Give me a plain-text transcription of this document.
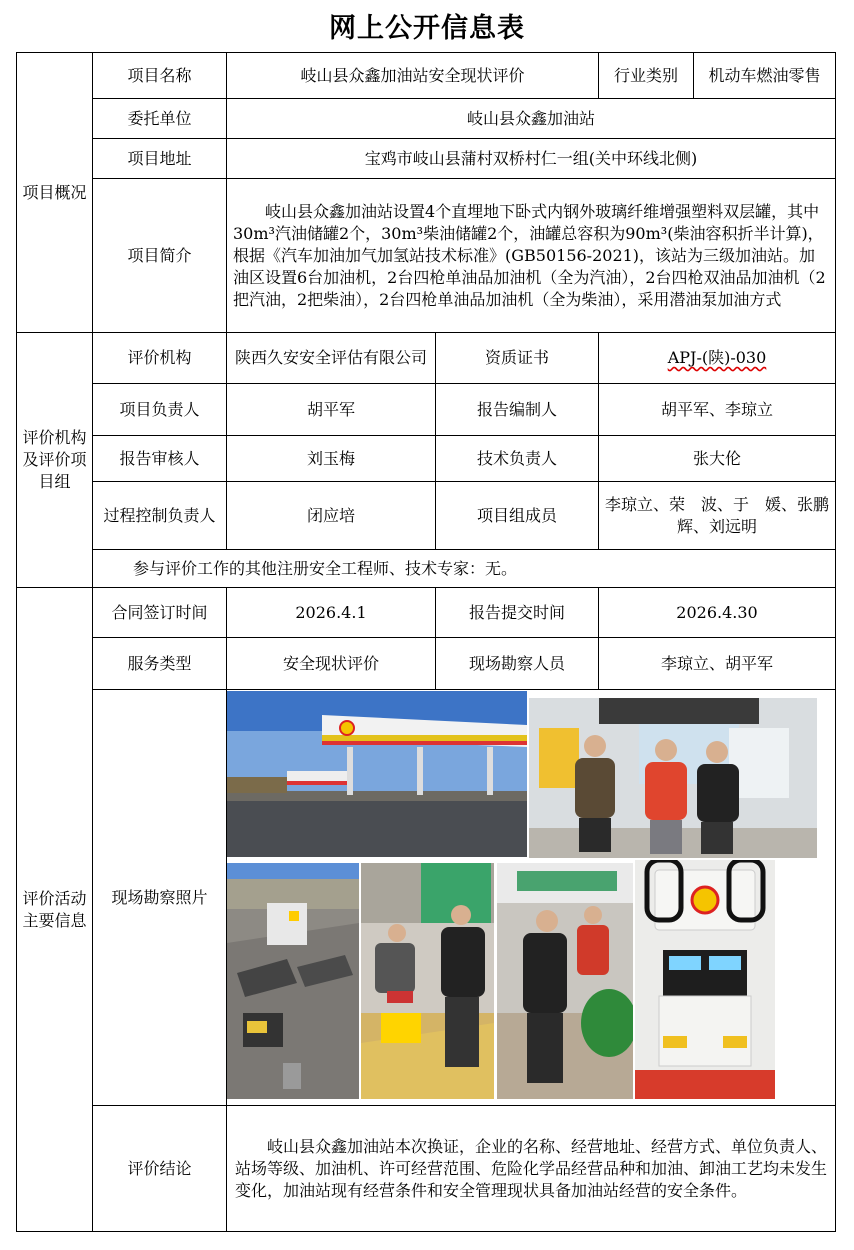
网上公开信息表
项目概况	项目名称	岐山县众鑫加油站安全现状评价		行业类别	机动车燃油零售
	委托单位	岐山县众鑫加油站			
	项目地址	宝鸡市岐山县蒲村双桥村仁一组(关中环线北侧)			
	项目简介	岐山县众鑫加油站设置4个直埋地下卧式内钢外玻璃纤维增强塑料双层罐，其中30m³汽油储罐2个，30m³柴油储罐2个，油罐总容积为90m³(柴油容积折半计算)，根据《汽车加油加气加氢站技术标准》(GB50156-2021)，该站为三级加油站。加油区设置6台加油机，2台四枪单油品加油机（全为汽油），2台四枪双油品加油机（2把汽油，2把柴油），2台四枪单油品加油机（全为柴油），采用潜油泵加油方式			
评价机构及评价项目组	评价机构	陕西久安安全评估有限公司	资质证书	APJ-(陕)-030	
	项目负责人	胡平军	报告编制人	胡平军、李琼立	
	报告审核人	刘玉梅	技术负责人	张大伦	
	过程控制负责人	闭应培	项目组成员	李琼立、荣　波、于　媛、张鹏辉、刘远明	
	参与评价工作的其他注册安全工程师、技术专家：无。				
评价活动主要信息	合同签订时间	2026.4.1	报告提交时间	2026.4.30	
	服务类型	安全现状评价	现场勘察人员	李琼立、胡平军	
	现场勘察照片	

	评价结论	岐山县众鑫加油站本次换证，企业的名称、经营地址、经营方式、单位负责人、站场等级、加油机、许可经营范围、危险化学品经营品种和加油、卸油工艺均未发生变化，加油站现有经营条件和安全管理现状具备加油站经营的安全条件。			
